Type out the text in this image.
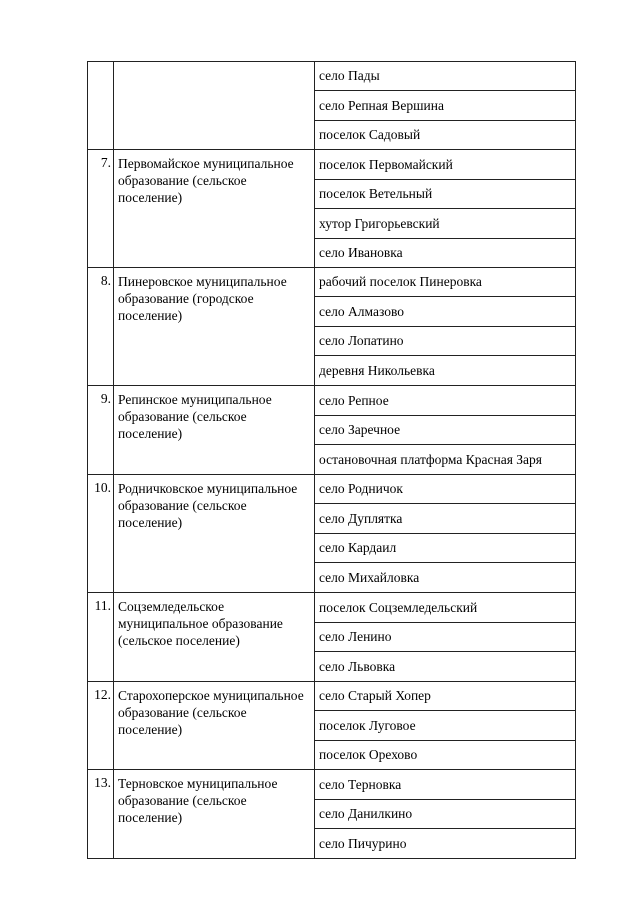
		село Пады
		село Репная Вершина
		поселок Садовый
7.	Первомайское муниципальное образование (сельское поселение)	поселок Первомайский
		поселок Ветельный
		хутор Григорьевский
		село Ивановка
8.	Пинеровское муниципальное образование (городское поселение)	рабочий поселок Пинеровка
		село Алмазово
		село Лопатино
		деревня Никольевка
9.	Репинское муниципальное образование (сельское поселение)	село Репное
		село Заречное
		остановочная платформа Красная Заря
10.	Родничковское муниципальное образование (сельское поселение)	село Родничок
		село Дуплятка
		село Кардаил
		село Михайловка
11.	Соцземледельское муниципальное образование (сельское поселение)	поселок Соцземледельский
		село Ленино
		село Львовка
12.	Старохоперское муниципальное образование (сельское поселение)	село Старый Хопер
		поселок Луговое
		поселок Орехово
13.	Терновское муниципальное образование (сельское поселение)	село Терновка
		село Данилкино
		село Пичурино
